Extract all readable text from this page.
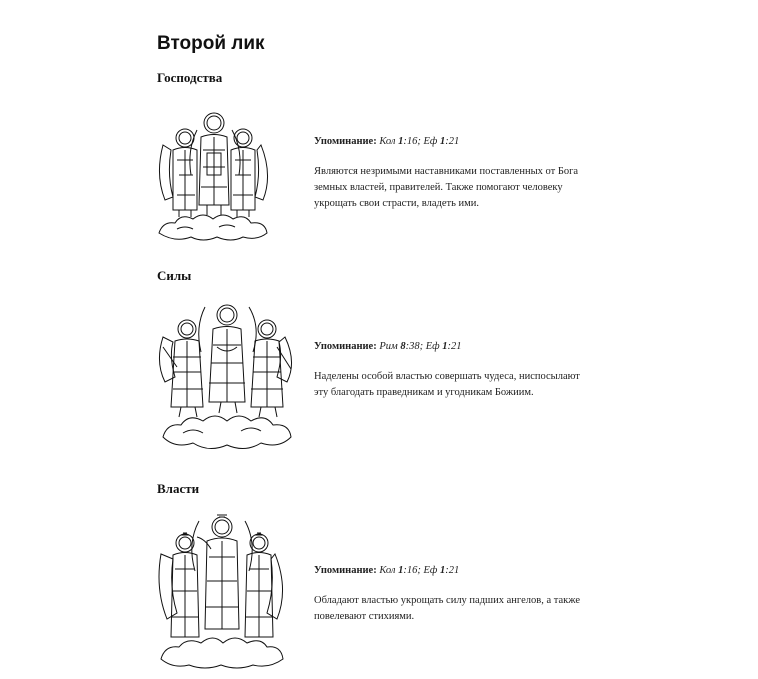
Второй лик
Господства

Упоминание: Кол 1:16; Еф 1:21

Являются незримыми наставниками поставленных от Бога земных властей, правителей. Также помогают человеку укрощать свои страсти, владеть ими.

Силы

Упоминание: Рим 8:38; Еф 1:21

Наделены особой властью совершать чудеса, ниспосылают эту благодать праведникам и угодникам Божиим.

Власти

Упоминание: Кол 1:16; Еф 1:21

Обладают властью укрощать силу падших ангелов, а также повелевают стихиями.
